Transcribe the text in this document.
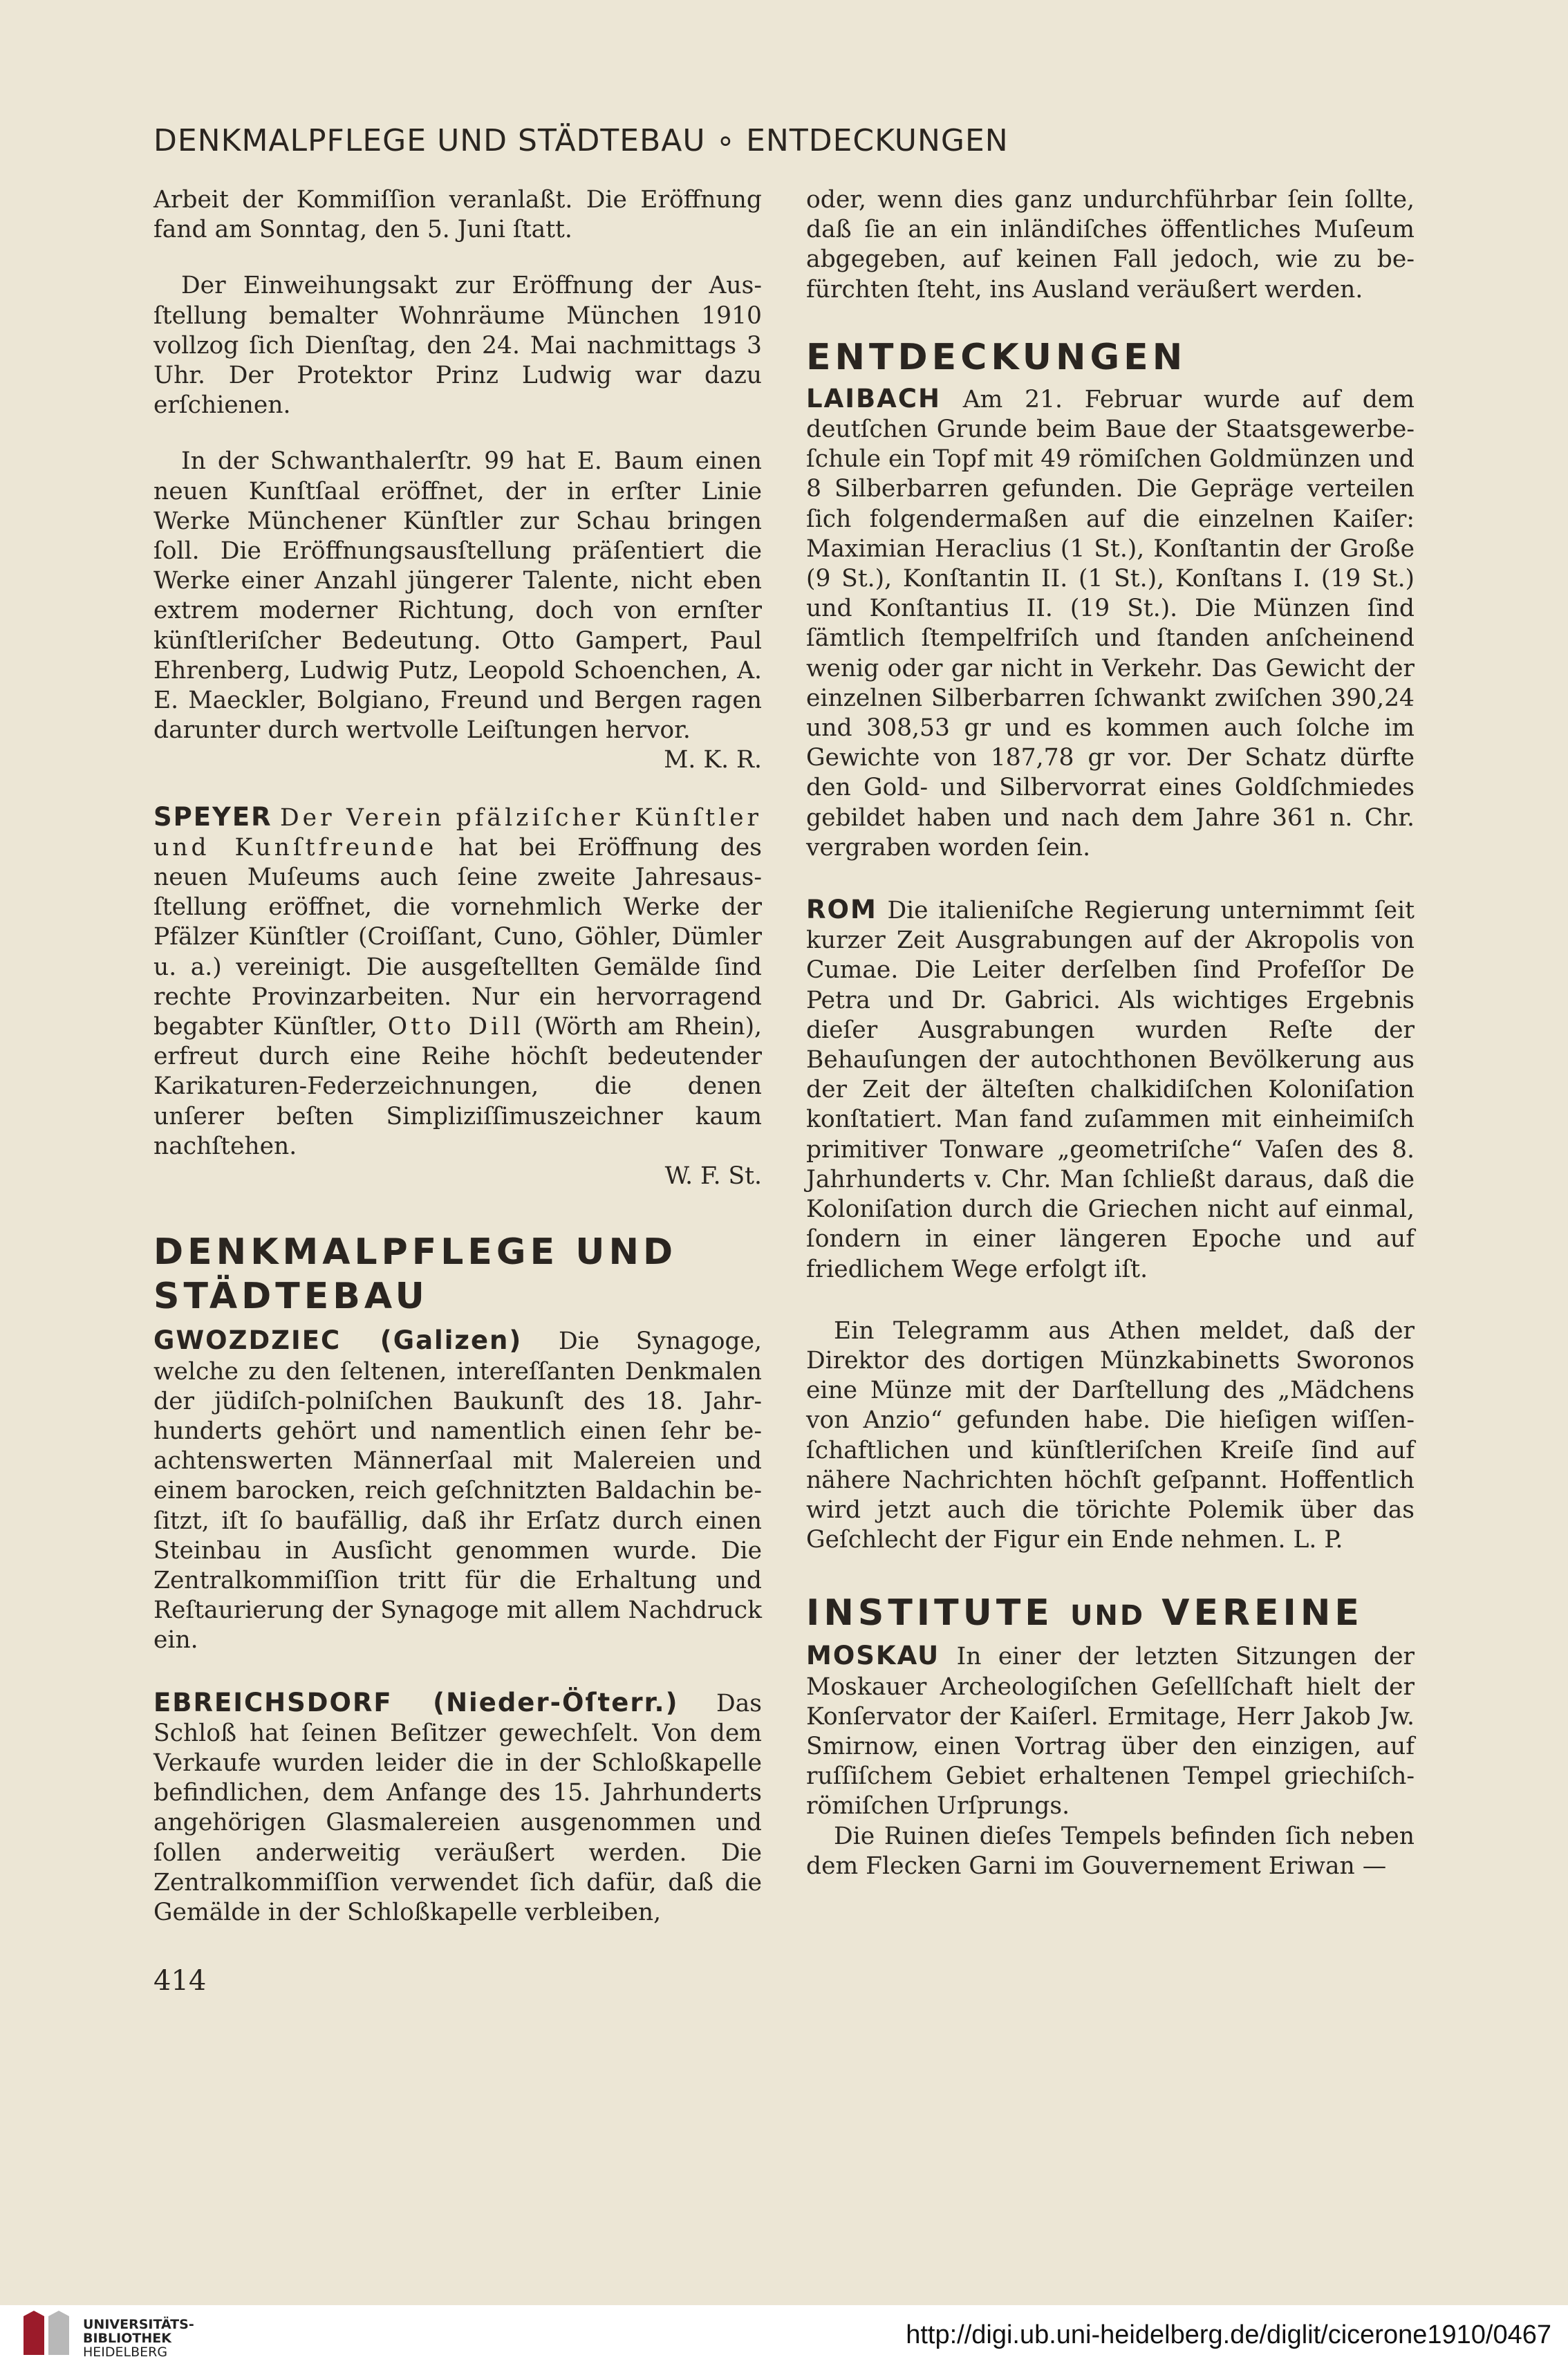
DENKMALPFLEGE UND STÄDTEBAU ∘ ENTDECKUNGEN

Arbeit der Kommiſſion veranlaßt. Die Eröffnung fand am Sonntag, den 5. Juni ſtatt.

Der Einweihungsakt zur Eröffnung der Ausſtellung bemalter Wohnräume München 1910 vollzog ſich Dienſtag, den 24. Mai nachmittags 3 Uhr. Der Protektor Prinz Ludwig war dazu erſchienen.

In der Schwanthalerſtr. 99 hat E. Baum einen neuen Kunſtſaal eröffnet, der in erſter Linie Werke Münchener Künſtler zur Schau bringen ſoll. Die Eröffnungsausſtellung präſentiert die Werke einer Anzahl jüngerer Talente, nicht eben extrem moderner Richtung, doch von ernſter künſtleriſcher Bedeutung. Otto Gampert, Paul Ehrenberg, Ludwig Putz, Leopold Schoenchen, A. E. Maeckler, Bolgiano, Freund und Bergen ragen darunter durch wertvolle Leiſtungen hervor.

M. K. R.

SPEYER Der Verein pfälziſcher Künſtler und Kunſtfreunde hat bei Eröffnung des neuen Muſeums auch ſeine zweite Jahresausſtellung eröffnet, die vornehmlich Werke der Pfälzer Künſtler (Croiſſant, Cuno, Göhler, Dümler u. a.) vereinigt. Die ausgeſtellten Gemälde ſind rechte Provinzarbeiten. Nur ein hervorragend begabter Künſtler, Otto Dill (Wörth am Rhein), erfreut durch eine Reihe höchſt bedeutender Karikaturen-Federzeichnungen, die denen unſerer beſten Simpliziſſimuszeichner kaum nachſtehen.

W. F. St.

DENKMALPFLEGE UND STÄDTEBAU

GWOZDZIEC (Galizen) Die Synagoge, welche zu den ſeltenen, intereſſanten Denkmalen der jüdiſch-polniſchen Baukunſt des 18. Jahrhunderts gehört und namentlich einen ſehr beachtenswerten Männerſaal mit Malereien und einem barocken, reich geſchnitzten Baldachin beſitzt, iſt ſo baufällig, daß ihr Erſatz durch einen Steinbau in Ausſicht genommen wurde. Die Zentralkommiſſion tritt für die Erhaltung und Reſtaurierung der Synagoge mit allem Nachdruck ein.

EBREICHSDORF (Nieder-Öſterr.) Das Schloß hat ſeinen Beſitzer gewechſelt. Von dem Verkaufe wurden leider die in der Schloßkapelle befindlichen, dem Anfange des 15. Jahrhunderts angehörigen Glasmalereien ausgenommen und ſollen anderweitig veräußert werden. Die Zentralkommiſſion verwendet ſich dafür, daß die Gemälde in der Schloßkapelle verbleiben,

oder, wenn dies ganz undurchführbar ſein ſollte, daß ſie an ein inländiſches öffentliches Muſeum abgegeben, auf keinen Fall jedoch, wie zu befürchten ſteht, ins Ausland veräußert werden.

ENTDECKUNGEN

LAIBACH Am 21. Februar wurde auf dem deutſchen Grunde beim Baue der Staatsgewerbeſchule ein Topf mit 49 römiſchen Goldmünzen und 8 Silberbarren gefunden. Die Gepräge verteilen ſich folgendermaßen auf die einzelnen Kaiſer: Maximian Heraclius (1 St.), Konſtantin der Große (9 St.), Konſtantin II. (1 St.), Konſtans I. (19 St.) und Konſtantius II. (19 St.). Die Münzen ſind ſämtlich ſtempelfriſch und ſtanden anſcheinend wenig oder gar nicht in Verkehr. Das Gewicht der einzelnen Silberbarren ſchwankt zwiſchen 390,24 und 308,53 gr und es kommen auch ſolche im Gewichte von 187,78 gr vor. Der Schatz dürfte den Gold- und Silbervorrat eines Goldſchmiedes gebildet haben und nach dem Jahre 361 n. Chr. vergraben worden ſein.

ROM Die italieniſche Regierung unternimmt ſeit kurzer Zeit Ausgrabungen auf der Akropolis von Cumae. Die Leiter derſelben ſind Profeſſor De Petra und Dr. Gabrici. Als wichtiges Ergebnis dieſer Ausgrabungen wurden Reſte der Behauſungen der autochthonen Bevölkerung aus der Zeit der älteſten chalkidiſchen Koloniſation konſtatiert. Man fand zuſammen mit einheimiſch primitiver Tonware „geometriſche“ Vaſen des 8. Jahrhunderts v. Chr. Man ſchließt daraus, daß die Koloniſation durch die Griechen nicht auf einmal, ſondern in einer längeren Epoche und auf friedlichem Wege erfolgt iſt.

Ein Telegramm aus Athen meldet, daß der Direktor des dortigen Münzkabinetts Sworonos eine Münze mit der Darſtellung des „Mädchens von Anzio“ gefunden habe. Die hieſigen wiſſenſchaftlichen und künſtleriſchen Kreiſe ſind auf nähere Nachrichten höchſt geſpannt. Hoffentlich wird jetzt auch die törichte Polemik über das Geſchlecht der Figur ein Ende nehmen. L. P.

INSTITUTE UND VEREINE

MOSKAU In einer der letzten Sitzungen der Moskauer Archeologiſchen Geſellſchaft hielt der Konſervator der Kaiſerl. Ermitage, Herr Jakob Jw. Smirnow, einen Vortrag über den einzigen, auf ruſſiſchem Gebiet erhaltenen Tempel griechiſch-römiſchen Urſprungs.

Die Ruinen dieſes Tempels befinden ſich neben dem Flecken Garni im Gouvernement Eriwan —

414
UNIVERSITÄTS-
BIBLIOTHEK
HEIDELBERG
http://digi.ub.uni-heidelberg.de/diglit/cicerone1910/0467
